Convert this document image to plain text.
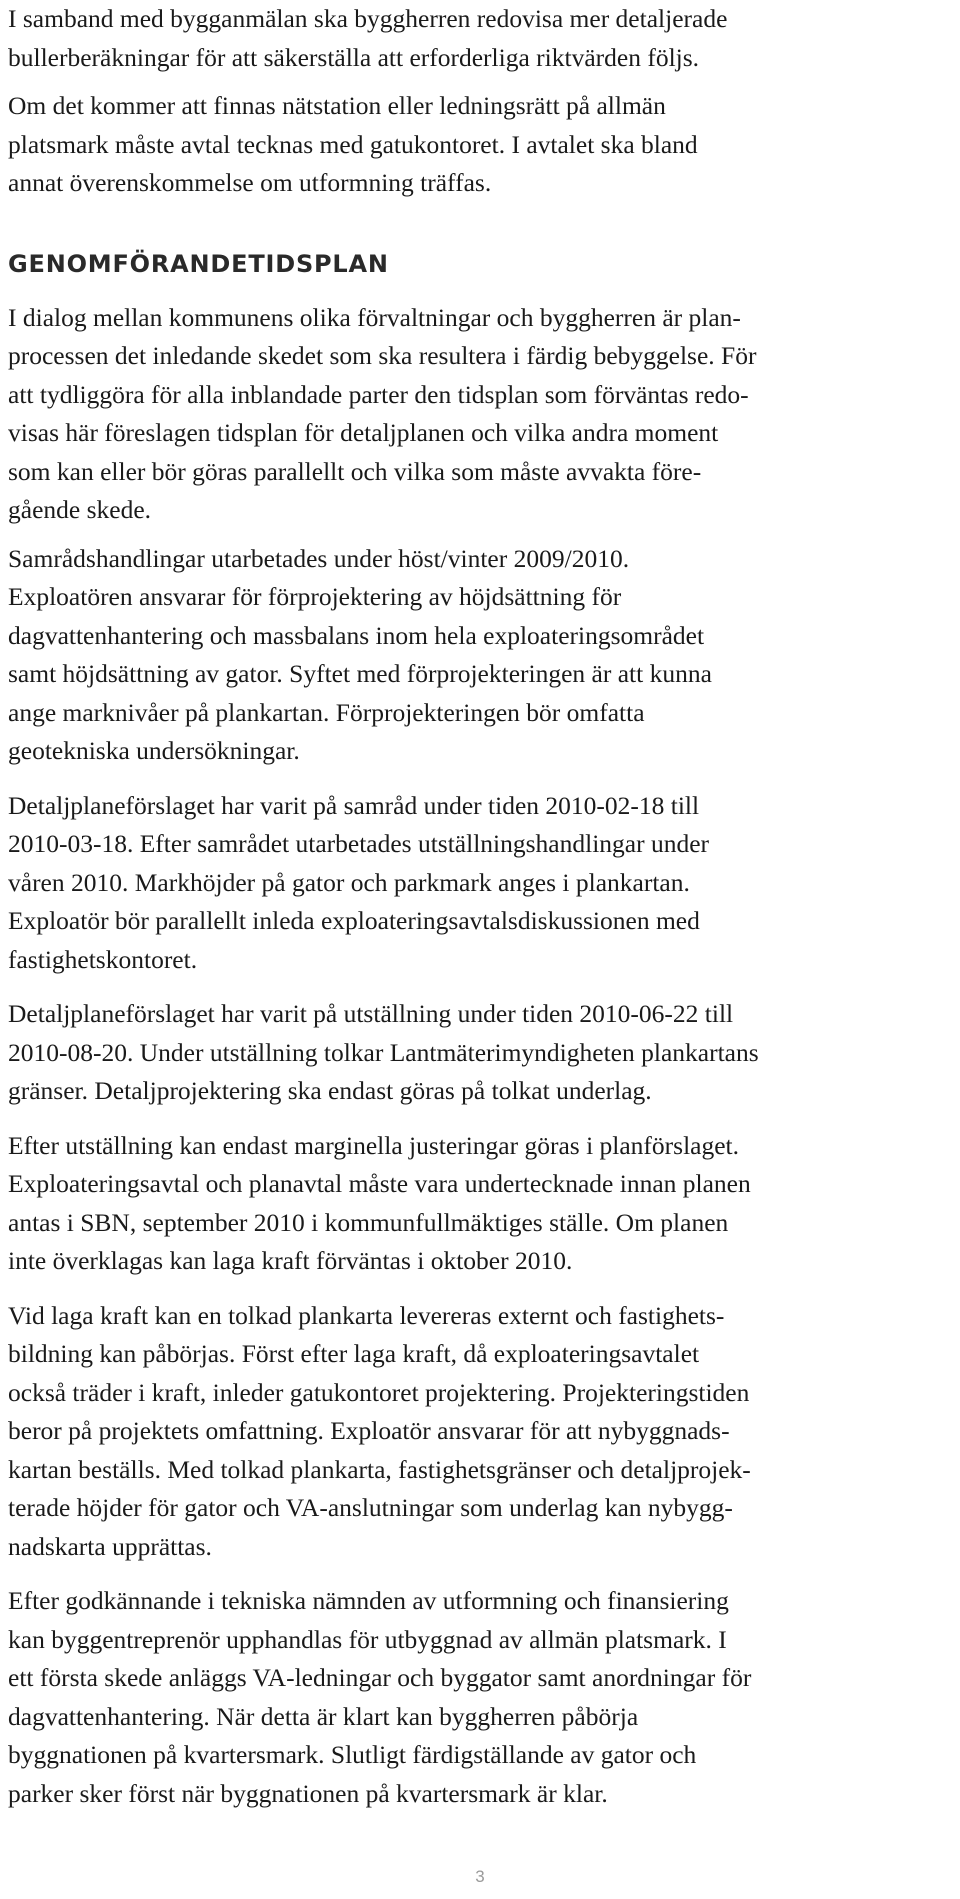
I samband med bygganmälan ska byggherren redovisa mer detaljerade
bullerberäkningar för att säkerställa att erforderliga riktvärden följs.

Om det kommer att finnas nätstation eller ledningsrätt på allmän
platsmark måste avtal tecknas med gatukontoret. I avtalet ska bland
annat överenskommelse om utformning träffas.

GENOMFÖRANDETIDSPLAN

I dialog mellan kommunens olika förvaltningar och byggherren är plan-
processen det inledande skedet som ska resultera i färdig bebyggelse. För
att tydliggöra för alla inblandade parter den tidsplan som förväntas redo-
visas här föreslagen tidsplan för detaljplanen och vilka andra moment
som kan eller bör göras parallellt och vilka som måste avvakta före-
gående skede.

Samrådshandlingar utarbetades under höst/vinter 2009/2010.
Exploatören ansvarar för förprojektering av höjdsättning för
dagvattenhantering och massbalans inom hela exploateringsområdet
samt höjdsättning av gator. Syftet med förprojekteringen är att kunna
ange marknivåer på plankartan. Förprojekteringen bör omfatta
geotekniska undersökningar.

Detaljplaneförslaget har varit på samråd under tiden 2010-02-18 till
2010-03-18. Efter samrådet utarbetades utställningshandlingar under
våren 2010. Markhöjder på gator och parkmark anges i plankartan.
Exploatör bör parallellt inleda exploateringsavtalsdiskussionen med
fastighetskontoret.

Detaljplaneförslaget har varit på utställning under tiden 2010-06-22 till
2010-08-20. Under utställning tolkar Lantmäterimyndigheten plankartans
gränser. Detaljprojektering ska endast göras på tolkat underlag.

Efter utställning kan endast marginella justeringar göras i planförslaget.
Exploateringsavtal och planavtal måste vara undertecknade innan planen
antas i SBN, september 2010 i kommunfullmäktiges ställe. Om planen
inte överklagas kan laga kraft förväntas i oktober 2010.

Vid laga kraft kan en tolkad plankarta levereras externt och fastighets-
bildning kan påbörjas. Först efter laga kraft, då exploateringsavtalet
också träder i kraft, inleder gatukontoret projektering. Projekteringstiden
beror på projektets omfattning. Exploatör ansvarar för att nybyggnads-
kartan beställs. Med tolkad plankarta, fastighetsgränser och detaljprojek-
terade höjder för gator och VA-anslutningar som underlag kan nybygg-
nadskarta upprättas.

Efter godkännande i tekniska nämnden av utformning och finansiering
kan byggentreprenör upphandlas för utbyggnad av allmän platsmark. I
ett första skede anläggs VA-ledningar och byggator samt anordningar för
dagvattenhantering. När detta är klart kan byggherren påbörja
byggnationen på kvartersmark. Slutligt färdigställande av gator och
parker sker först när byggnationen på kvartersmark är klar.

3
